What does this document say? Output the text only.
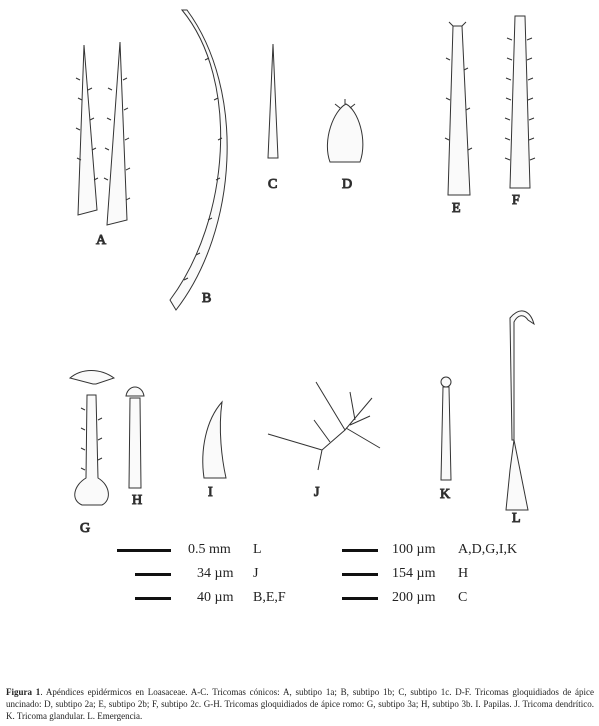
A
B
C	D
E
F
G
H
I	J	K
L
0.5 mm L
34 µm J
40 µm B,E,F
100 µm A,D,G,I,K
154 µm H
200 µm C
Figura 1. Apéndices epidérmicos en Loasaceae. A-C. Tricomas cónicos: A, subtipo 1a; B, subtipo 1b; C, subtipo 1c. D-F. Tricomas gloquidiados de ápice uncinado: D, subtipo 2a; E, subtipo 2b; F, subtipo 2c. G-H. Tricomas gloquidiados de ápice romo: G, subtipo 3a; H, subtipo 3b. I. Papilas. J. Tricoma dendrítico. K. Tricoma glandular. L. Emergencia.
